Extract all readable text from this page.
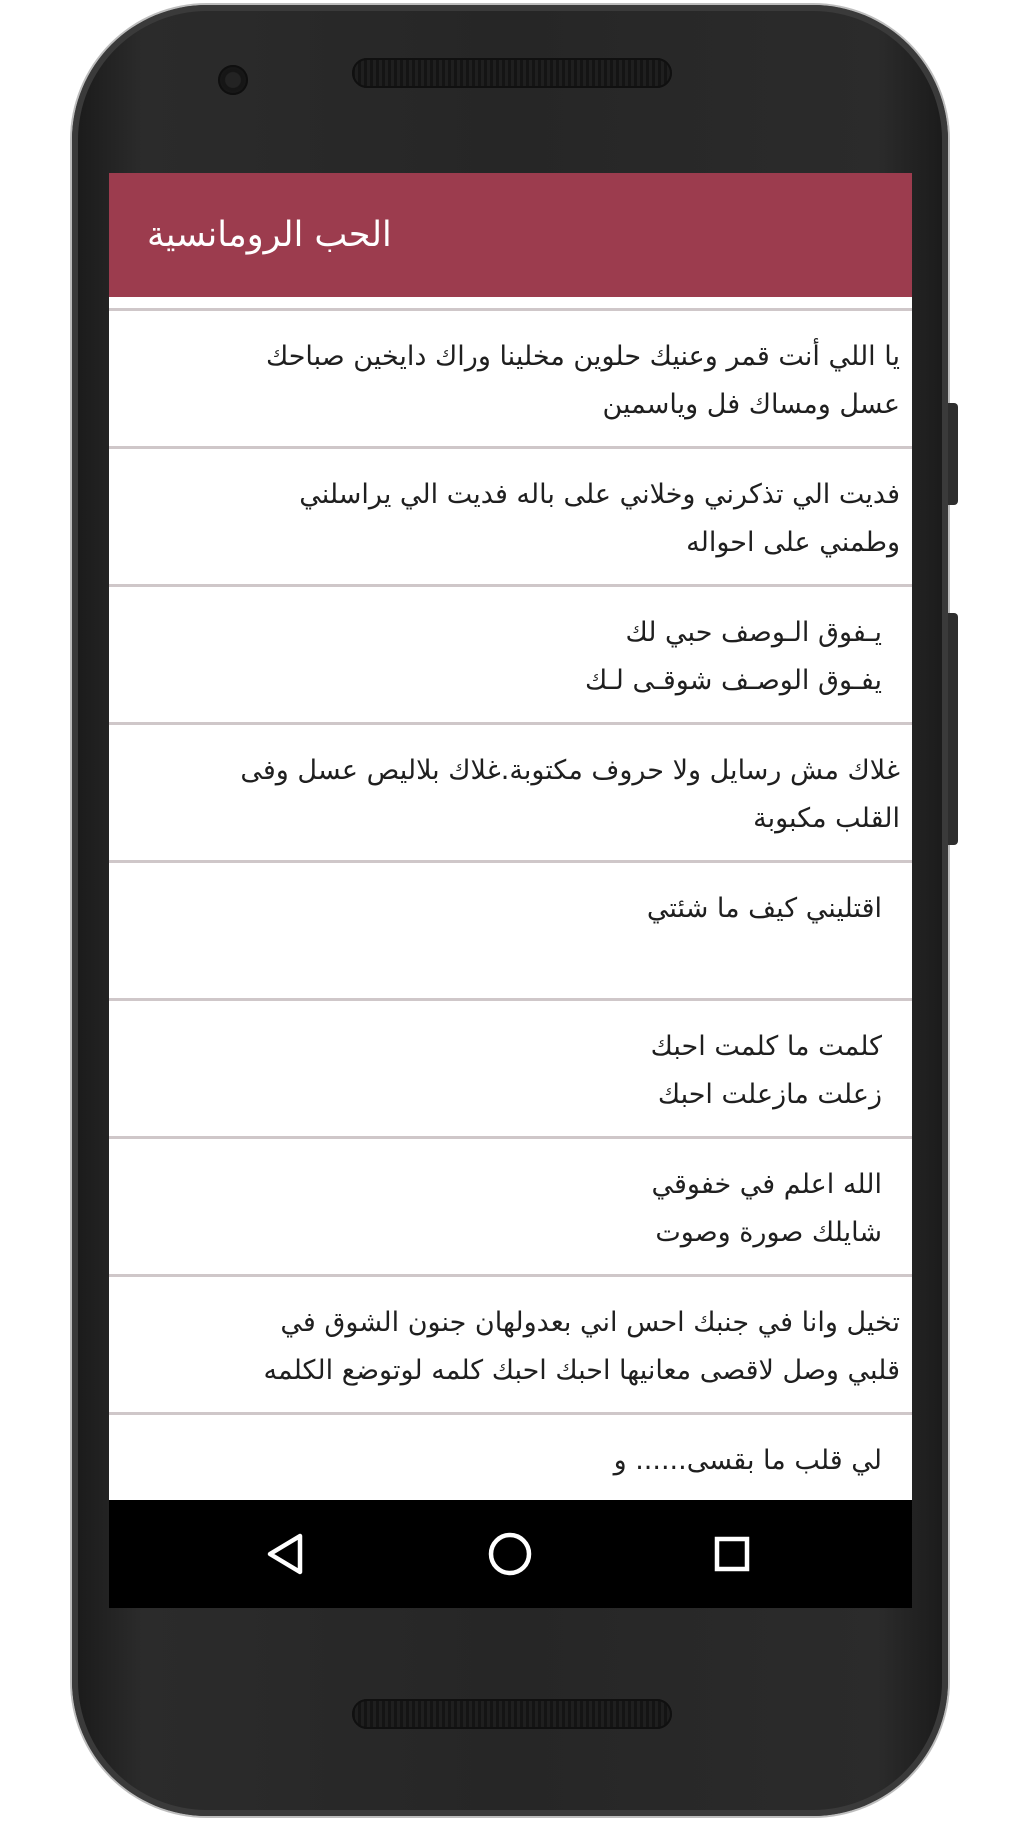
الحب الرومانسية
يا اللي أنت قمر وعنيك حلوين مخلينا وراك دايخين صباحك
عسل ومساك فل وياسمين
فديت الي تذكرني وخلاني على باله فديت الي يراسلني
وطمني على احواله
يـفوق الـوصف حبي لك
يفـوق الوصـف شوقـى لـك
غلاك مش رسايل ولا حروف مكتوبة.غلاك بلاليص عسل وفى
القلب مكبوبة
اقتليني كيف ما شئتي
كلمت ما كلمت احبك
زعلت مازعلت احبك
الله اعلم في خفوقي
شايلك صورة وصوت
تخيل وانا في جنبك احس اني بعدولهان جنون الشوق في
قلبي وصل لاقصى معانيها احبك احبك كلمه لوتوضع الكلمه
لي قلب ما بقسى...... و
